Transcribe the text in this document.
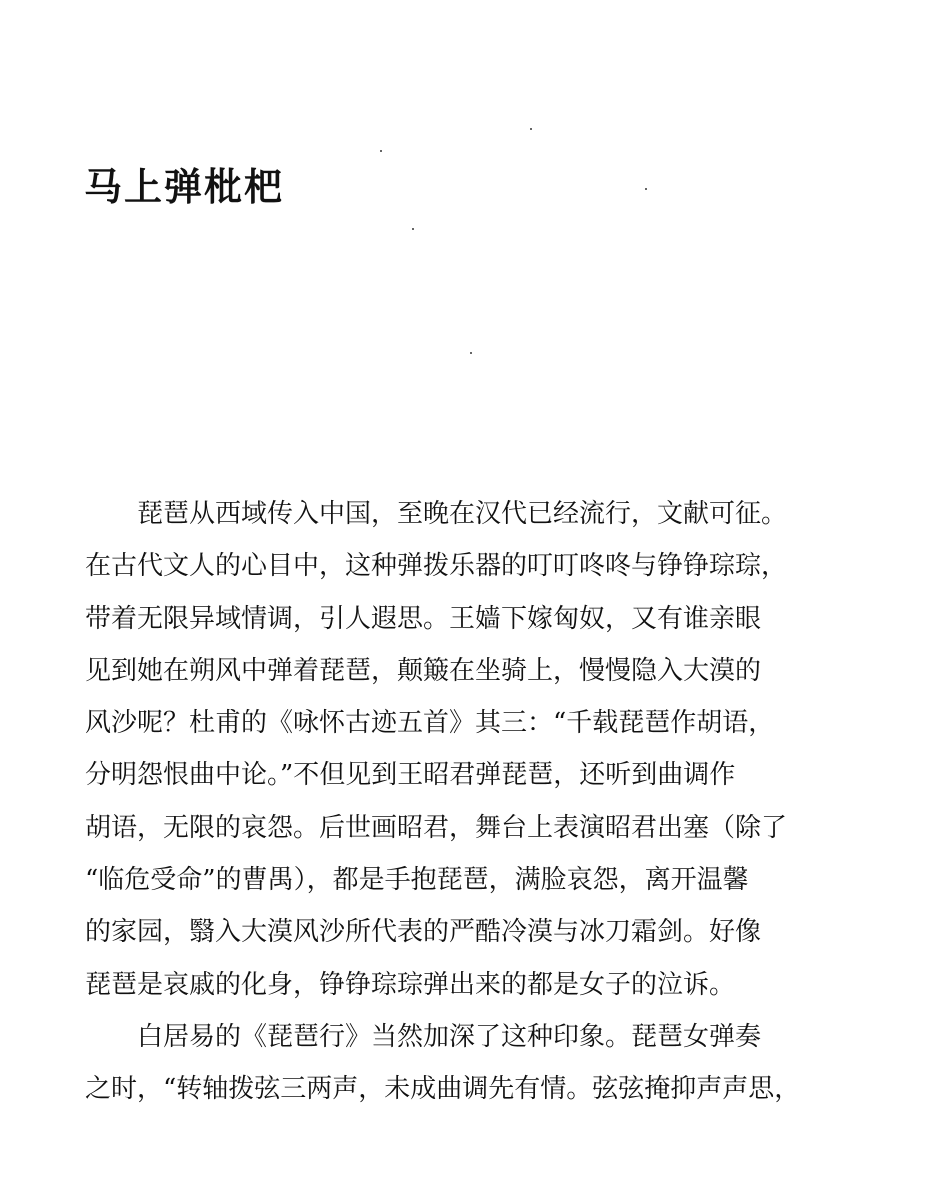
马上弹枇杷
　　琵琶从西域传入中国，至晚在汉代已经流行，文献可征。
在古代文人的心目中，这种弹拨乐器的叮叮咚咚与铮铮琮琮，
带着无限异域情调，引人遐思。王嫱下嫁匈奴，又有谁亲眼
见到她在朔风中弹着琵琶，颠簸在坐骑上，慢慢隐入大漠的
风沙呢？杜甫的《咏怀古迹五首》其三：“千载琵琶作胡语，
分明怨恨曲中论。”不但见到王昭君弹琵琶，还听到曲调作
胡语，无限的哀怨。后世画昭君，舞台上表演昭君出塞（除了
“临危受命”的曹禺），都是手抱琵琶，满脸哀怨，离开温馨
的家园，翳入大漠风沙所代表的严酷冷漠与冰刀霜剑。好像
琵琶是哀戚的化身，铮铮琮琮弹出来的都是女子的泣诉。
　　白居易的《琵琶行》当然加深了这种印象。琵琶女弹奏
之时，“转轴拨弦三两声，未成曲调先有情。弦弦掩抑声声思，
